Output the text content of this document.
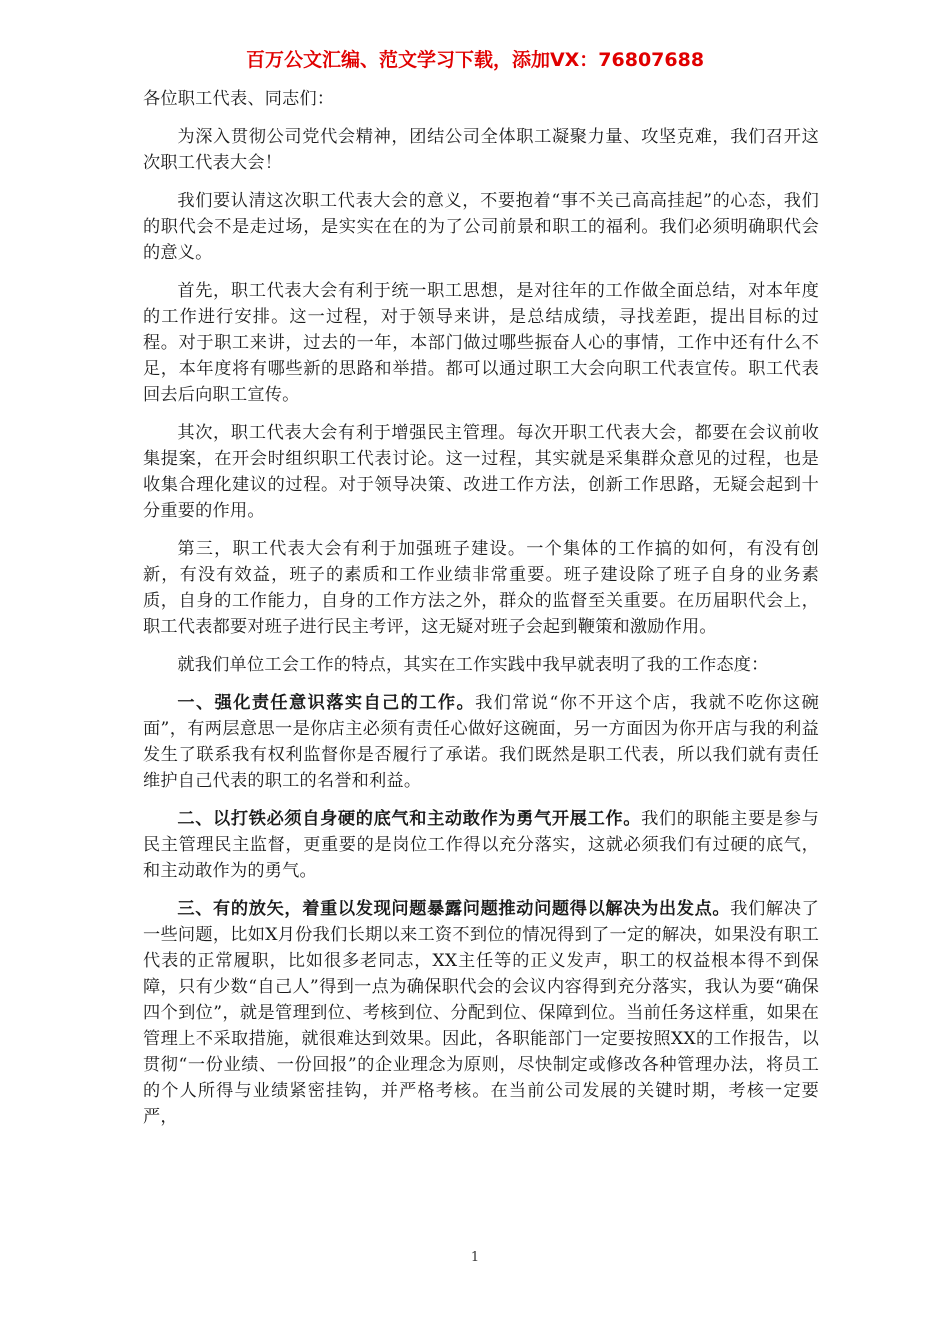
百万公文汇编、范文学习下载，添加VX：76807688

各位职工代表、同志们：

为深入贯彻公司党代会精神，团结公司全体职工凝聚力量、攻坚克难，我们召开这次职工代表大会！

我们要认清这次职工代表大会的意义，不要抱着“事不关己高高挂起”的心态，我们的职代会不是走过场，是实实在在的为了公司前景和职工的福利。我们必须明确职代会的意义。

首先，职工代表大会有利于统一职工思想，是对往年的工作做全面总结，对本年度的工作进行安排。这一过程，对于领导来讲，是总结成绩，寻找差距，提出目标的过程。对于职工来讲，过去的一年，本部门做过哪些振奋人心的事情，工作中还有什么不足，本年度将有哪些新的思路和举措。都可以通过职工大会向职工代表宣传。职工代表回去后向职工宣传。

其次，职工代表大会有利于增强民主管理。每次开职工代表大会，都要在会议前收集提案，在开会时组织职工代表讨论。这一过程，其实就是采集群众意见的过程，也是收集合理化建议的过程。对于领导决策、改进工作方法，创新工作思路，无疑会起到十分重要的作用。

第三，职工代表大会有利于加强班子建设。一个集体的工作搞的如何，有没有创新，有没有效益，班子的素质和工作业绩非常重要。班子建设除了班子自身的业务素质，自身的工作能力，自身的工作方法之外，群众的监督至关重要。在历届职代会上，职工代表都要对班子进行民主考评，这无疑对班子会起到鞭策和激励作用。

就我们单位工会工作的特点，其实在工作实践中我早就表明了我的工作态度：

一、强化责任意识落实自己的工作。我们常说“你不开这个店，我就不吃你这碗面”，有两层意思一是你店主必须有责任心做好这碗面，另一方面因为你开店与我的利益发生了联系我有权利监督你是否履行了承诺。我们既然是职工代表，所以我们就有责任维护自己代表的职工的名誉和利益。

二、以打铁必须自身硬的底气和主动敢作为勇气开展工作。我们的职能主要是参与民主管理民主监督，更重要的是岗位工作得以充分落实，这就必须我们有过硬的底气，和主动敢作为的勇气。

三、有的放矢，着重以发现问题暴露问题推动问题得以解决为出发点。我们解决了一些问题，比如X月份我们长期以来工资不到位的情况得到了一定的解决，如果没有职工代表的正常履职，比如很多老同志，XX主任等的正义发声，职工的权益根本得不到保障，只有少数“自己人”得到一点为确保职代会的会议内容得到充分落实，我认为要“确保四个到位”，就是管理到位、考核到位、分配到位、保障到位。当前任务这样重，如果在管理上不采取措施，就很难达到效果。因此，各职能部门一定要按照XX的工作报告，以贯彻“一份业绩、一份回报”的企业理念为原则，尽快制定或修改各种管理办法，将员工的个人所得与业绩紧密挂钩，并严格考核。在当前公司发展的关键时期，考核一定要严，

1
